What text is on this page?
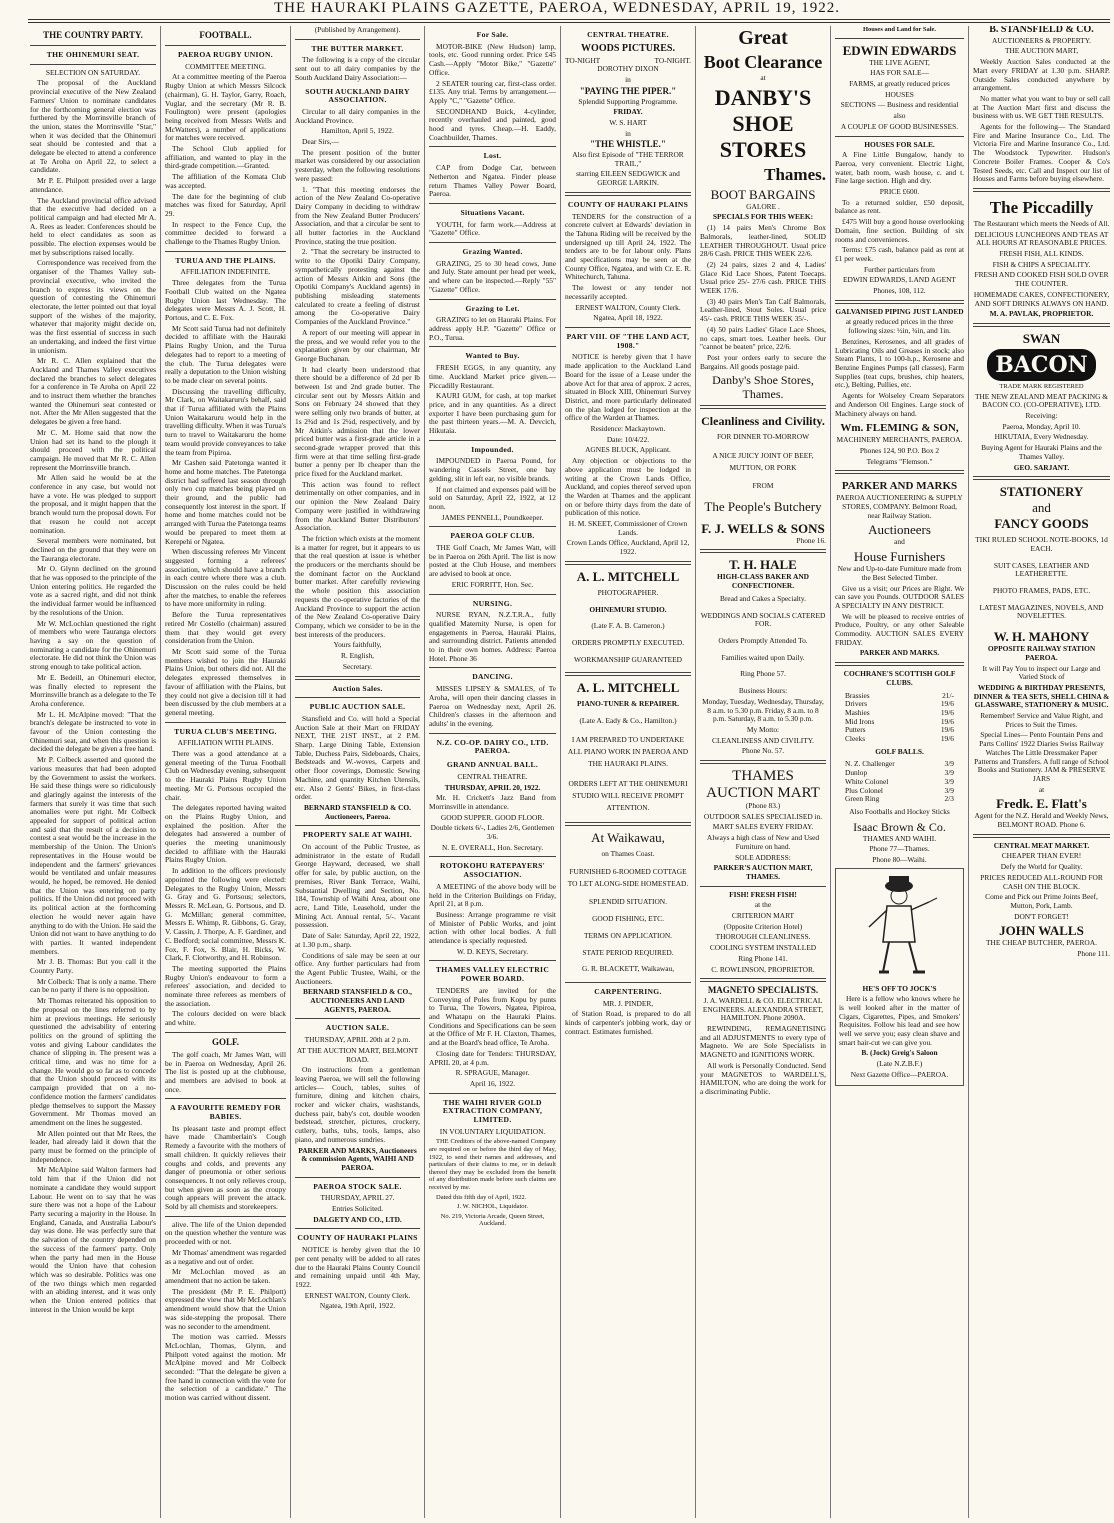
THE HAURAKI PLAINS GAZETTE, PAEROA, WEDNESDAY, APRIL 19, 1922.
THE COUNTRY PARTY.
THE OHINEMURI SEAT.
SELECTION ON SATURDAY.

The proposal of the Auckland provincial executive of the New Zealand Farmers' Union to nominate candidates for the forthcoming general election was furthered by the Morrinsville branch of the union, states the Morrinsville "Star," when it was decided that the Ohinemuri seat should be contested and that a delegate be elected to attend a conference at Te Aroha on April 22, to select a candidate.

Mr P. E. Philpott presided over a large attendance.

The Auckland provincial office advised that the executive had decided on a political campaign and had elected Mr A. A. Rees as leader. Conferences should be held to elect candidates as soon as possible. The election expenses would be met by subscriptions raised locally.

Correspondence was received from the organiser of the Thames Valley sub-provincial executive, who invited the branch to express its views on the question of contesting the Ohinemuri electorate, the letter pointed out that loyal support of the wishes of the majority, whatever that majority might decide on, was the first essential of success in such an undertaking, and indeed the first virtue in unionism.

Mr R. C. Allen explained that the Auckland and Thames Valley executives declared the branches to select delegates for a conference in Te Aroha on April 22 and to instruct them whether the branches wanted the Ohinemuri seat contested or not. After the Mr Allen suggested that the delegates be given a free hand.

Mr C. M. Home said that now the Union had set its hand to the plough it should proceed with the political campaign. He moved that Mr R. C. Allen represent the Morrinsville branch.

Mr Allen said he would be at the conference in any case, but would not have a vote. He was pledged to support the proposal, and it might happen that the branch would turn the proposal down. For that reason he could not accept nomination.

Several members were nominated, but declined on the ground that they were on the Tauranga electorate.

Mr O. Glynn declined on the ground that he was opposed to the principle of the Union entering politics. He regarded the vote as a sacred right, and did not think the individual farmer would be influenced by the resolutions of the Union.

Mr W. McLochlan questioned the right of members who were Tauranga electors having a say on the question of nominating a candidate for the Ohinemuri electorate. He did not think the Union was strong enough to take political action.

Mr E. Bedeill, an Ohinemuri elector, was finally elected to represent the Morrinsville branch as a delegate to the Te Aroha conference.

Mr L. H. McAlpine moved: "That the branch's delegate be instructed to vote in favour of the Union contesting the Ohinemuri seat, and when this question is decided the delegate be given a free hand.

Mr P. Colbeck asserted and quoted the various measures that had been adopted by the Government to assist the workers. He said these things were so ridiculously and glaringly against the interests of the farmers that surely it was time that such anomalies were put right. Mr Colbeck appealed for support of political action and said that the result of a decision to contest a seat would be the increase in the membership of the Union. The Union's representatives in the House would be independent and the farmers' grievances would be ventilated and unfair measures would, he hoped, be removed. He denied that the Union was entering on party politics. If the Union did not proceed with its political action at the forthcoming election he would never again have anything to do with the Union. He said the Union did not want to have anything to do with parties. It wanted independent members.

Mr J. B. Thomas: But you call it the Country Party.

Mr Colbeck: That is only a name. There can be no party if there is no opposition.

Mr Thomas reiterated his opposition to the proposal on the lines referred to by him at previous meetings. He seriously questioned the advisability of entering politics on the ground of splitting the votes and giving Labour candidates the chance of slipping in. The present was a critical time, and was no time for a change. He would go so far as to concede that the Union should proceed with its campaign provided that on a no-confidence motion the farmers' candidates pledge themselves to support the Massey Government. Mr Thomas moved an amendment on the lines he suggested.

Mr Allen pointed out that Mr Rees, the leader, had already laid it down that the party must be formed on the principle of independence.

Mr McAlpine said Walton farmers had told him that if the Union did not nominate a candidate they would support Labour. He went on to say that he was sure there was not a hope of the Labour Party securing a majority in the House. In England, Canada, and Australia Labour's day was done. He was perfectly sure that the salvation of the country depended on the success of the farmers' party. Only when the party had men in the House would the Union have that cohesion which was so desirable. Politics was one of the two things which men regarded with an abiding interest, and it was only when the Union entered politics that interest in the Union would be kept

FOOTBALL.
PAEROA RUGBY UNION.
COMMITTEE MEETING.

At a committee meeting of the Paeroa Rugby Union at which Messrs Silcock (chairman), G. H. Taylor, Garry, Roach, Vuglar, and the secretary (Mr R. B. Foulington) were present (apologies being received from Messrs Wells and McWatters), a number of applications for matches were received.

The School Club applied for affiliation, and wanted to play in the third-grade competition.—Granted.

The affiliation of the Komata Club was accepted.

The date for the beginning of club matches was fixed for Saturday, April 29.

In respect to the Fence Cup, the committee decided to forward a challenge to the Thames Rugby Union.

TURUA AND THE PLAINS.
AFFILIATION INDEFINITE.

Three delegates from the Turua Football Club waited on the Ngatea Rugby Union last Wednesday. The delegates were Messrs A. J. Scott, H. Portous, and C. E. Fox.

Mr Scott said Turua had not definitely decided to affiliate with the Hauraki Plains Rugby Union, and the Turua delegates had to report to a meeting of the club. The Turua delegates were really a deputation to the Union wishing to be made clear on several points.

Discussing the travelling difficulty, Mr Clark, on Waitakaruru's behalf, said that if Turua affiliated with the Plains Union Waitakaruru would help in the travelling difficulty. When it was Turua's turn to travel to Waitakaruru the home team would provide conveyances to take the team from Pipiroa.

Mr Cashen said Patetonga wanted it home and home matches. The Patetonga district had suffered last season through only two cup matches being played on their ground, and the public had consequently lost interest in the sport. If home and home matches could not be arranged with Turua the Patetonga teams would be prepared to meet them at Kerepehi or Ngatea.

When discussing referees Mr Vincent suggested forming a referees' association, which should have a branch in each centre where there was a club. Discussion on the rules could be held after the matches, to enable the referees to have more uniformity in ruling.

Before the Turua representatives retired Mr Costello (chairman) assured them that they would get every consideration from the Union.

Mr Scott said some of the Turua members wished to join the Hauraki Plains Union, but others did not. All the delegates expressed themselves in favour of affiliation with the Plains, but they could not give a decision till it had been discussed by the club members at a general meeting.

TURUA CLUB'S MEETING.
AFFILIATION WITH PLAINS.

There was a good attendance at a general meeting of the Turua Football Club on Wednesday evening, subsequent to the Hauraki Plains Rugby Union meeting. Mr G. Portsous occupied the chair.

The delegates reported having waited on the Plains Rugby Union, and explained the position. After the delegates had answered a number of queries the meeting unanimously decided to affiliate with the Hauraki Plains Rugby Union.

In addition to the officers previously appointed the following were elected: Delegates to the Rugby Union, Messrs G. Gray and G. Portsous; selectors, Messrs R. McLean, G. Portsous, and D. G. McMillan; general committee, Messrs E. Whimp, R. Gibbons, G. Gray, V. Cassin, J. Thorpe, A. F. Gardiner, and C. Bedford; social committee, Messrs K. Fox, F. Fox, S. Blair, H. Bicks, W. Clark, F. Clotworthy, and H. Robinson.

The meeting supported the Plains Rugby Union's endeavour to form a referees' association, and decided to nominate three referees as members of the association.

The colours decided on were black and white.

GOLF.

The golf coach, Mr James Watt, will be in Paeroa on Wednesday, April 26. The list is posted up at the clubhouse, and members are advised to book at once.

A FAVOURITE REMEDY FOR BABIES.

Its pleasant taste and prompt effect have made Chamberlain's Cough Remedy a favourite with the mothers of small children. It quickly relieves their coughs and colds, and prevents any danger of pneumonia or other serious consequences. It not only relieves croup, but when given as soon as the croupy cough appears will prevent the attack. Sold by all chemists and storekeepers.

alive. The life of the Union depended on the question whether the venture was proceeded with or not.

Mr Thomas' amendment was regarded as a negative and out of order.

Mr McLochlan moved as an amendment that no action be taken.

The president (Mr P. E. Philpott) expressed the view that Mr McLochlan's amendment would show that the Union was side-stepping the proposal. There was no seconder to the amendment.

The motion was carried. Messrs McLochlan, Thomas, Glynn, and Philpott voted against the motion. Mr McAlpine moved and Mr Colbeck seconded: "That the delegate be given a free hand in connection with the vote for the selection of a candidate." The motion was carried without dissent.

(Published by Arrangement).
THE BUTTER MARKET.

The following is a copy of the circular sent out to all dairy companies by the South Auckland Dairy Association:—

SOUTH AUCKLAND DAIRY ASSOCIATION.

Circular to all dairy companies in the Auckland Province.

Hamilton, April 5, 1922.

Dear Sirs,—

The present position of the butter market was considered by our association yesterday, when the following resolutions were passed:

1. "That this meeting endorses the action of the New Zealand Co-operative Dairy Company in deciding to withdraw from the New Zealand Butter Producers' Association, and that a circular be sent to all butter factories in the Auckland Province, stating the true position.

2. "That the secretary be instructed to write to the Opotiki Dairy Company, sympathetically protesting against the action of Messrs Aitkin and Sons (the Opotiki Company's Auckland agents) in publishing misleading statements calculated to create a feeling of distrust among the Co-operative Dairy Companies of the Auckland Province."

A report of our meeting will appear in the press, and we would refer you to the explanation given by our chairman, Mr George Buchanan.

It had clearly been understood that there should be a difference of 2d per lb between 1st and 2nd grade butter. The circular sent out by Messrs Aitkin and Sons on February 24 showed that they were selling only two brands of butter, at 1s 2¾d and 1s 2¼d, respectively, and by Mr Aitkin's admission that the lower priced butter was a first-grade article in a second-grade wrapper proved that this firm were at that time selling first-grade butter a penny per lb cheaper than the price fixed for the Auckland market.

This action was found to reflect detrimentally on other companies, and in our opinion the New Zealand Dairy Company were justified in withdrawing from the Auckland Butter Distributors' Association.

The friction which exists at the moment is a matter for regret, but it appears to us that the real question at issue is whether the producers or the merchants should be the dominant factor on the Auckland butter market. After carefully reviewing the whole position this association requests the co-operative factories of the Auckland Province to support the action of the New Zealand Co-operative Dairy Company, which we consider to be in the best interests of the producers.

Yours faithfully,
R. English,
Secretary.
Auction Sales.
PUBLIC AUCTION SALE.

Stansfield and Co. will hold a Special Auction Sale at their Mart on FRIDAY NEXT, THE 21ST INST., at 2 P.M. Sharp. Large Dining Table, Extension Table, Duchess Pairs, Sideboards, Chairs, Bedsteads and W.-woves, Carpets and other floor coverings, Domestic Sewing Machine, and quantity Kitchen Utensils, etc. Also 2 Gents' Bikes, in first-class order.

BERNARD STANSFIELD & CO. Auctioneers, Paeroa.
PROPERTY SALE AT WAIHI.

On account of the Public Trustee, as administrator in the estate of Rudall George Hayward, deceased, we shall offer for sale, by public auction, on the premises, River Bank Terrace, Waihi, Substantial Dwelling and Section, No. 184, Township of Waihi Area, about one acre, Land Title, Leasehold, under the Mining Act. Annual rental, 5/-. Vacant possession.

Date of Sale: Saturday, April 22, 1922, at 1.30 p.m., sharp.

Conditions of sale may be seen at our office. Any further particulars had from the Agent Public Trustee, Waihi, or the Auctioneers.

BERNARD STANSFIELD & CO., AUCTIONEERS AND LAND AGENTS, PAEROA.
AUCTION SALE.
THURSDAY, APRIL 20th at 2 p.m.
AT THE AUCTION MART, BELMONT ROAD.

On instructions from a gentleman leaving Paeroa, we will sell the following articles— Couch, tables, suites of furniture, dining and kitchen chairs, rocker and wicker chairs, washstands, duchess pair, baby's cot, double wooden bedstead, stretcher, pictures, crockery, cutlery, baths, tubs, tools, lamps, also piano, and numerous sundries.

PARKER AND MARKS, Auctioneers & commission Agents, WAIHI AND PAEROA.
PAEROA STOCK SALE.
THURSDAY, APRIL 27.
Entries Solicited.
DALGETY AND CO., LTD.
COUNTY OF HAURAKI PLAINS

NOTICE is hereby given that the 10 per cent penalty will be added to all rates due to the Hauraki Plains County Council and remaining unpaid until 4th May, 1922.

ERNEST WALTON, County Clerk.
Ngatea, 19th April, 1922.
For Sale.

MOTOR-BIKE (New Hudson) lamp, tools, etc. Good running order. Price £45 Cash.—Apply "Motor Bike," "Gazette" Office.

2 SEATER touring car, first-class order. £135. Any trial. Terms by arrangement.—Apply "C," "Gazette" Office.

SECONDHAND Buick, 4-cylinder, recently overhauled and painted, good hood and tyres. Cheap.—H. Eaddy, Coachbuilder, Thames.

Lost.

CAP from Dodge Car, between Netherton and Ngatea. Finder please return Thames Valley Power Board, Paeroa.

Situations Vacant.

YOUTH, for farm work.—Address at "Gazette" Office.

Grazing Wanted.

GRAZING, 25 to 30 head cows, June and July. State amount per head per week, and where can be inspected.—Reply "55" "Gazette" Office.

Grazing to Let.

GRAZING to let on Hauraki Plains. For address apply H.P. "Gazette" Office or P.O., Turua.

Wanted to Buy.

FRESH EGGS, in any quantity, any time. Auckland Market price given.—Piccadilly Restaurant.

KAURI GUM, for cash, at top market price, and in any quantities. As a direct exporter I have been purchasing gum for the past thirteen years.—M. A. Devcich, Hikutaia.

Impounded.

IMPOUNDED in Paeroa Pound, for wandering Cassels Street, one bay gelding, slit in left ear, no visible brands.

If not claimed and expenses paid will be sold on Saturday, April 22, 1922, at 12 noon.

JAMES PENNELL, Poundkeeper.
PAEROA GOLF CLUB.

THE Golf Coach, Mr James Watt, will be in Paeroa on 26th April. The list is now posted at the Club House, and members are advised to book at once.

ERIC FORRITT, Hon. Sec.
NURSING.

NURSE RYAN, N.Z.T.R.A., fully qualified Maternity Nurse, is open for engagements in Paeroa, Hauraki Plains, and surrounding district. Patients attended to in their own homes. Address: Paeroa Hotel. Phone 36

DANCING.

MISSES LIPSEY & SMALES, of Te Aroha, will open their dancing classes in Paeroa on Wednesday next, April 26. Children's classes in the afternoon and adults' in the evening.

N.Z. CO-OP. DAIRY CO., LTD. PAEROA.
GRAND ANNUAL BALL.
CENTRAL THEATRE.
THURSDAY, APRIL 20, 1922.

Mr. H. Crickett's Jazz Band from Morrinsville in attendance.

GOOD SUPPER. GOOD FLOOR.
Double tickets 6/-, Ladies 2/6, Gentlemen 3/6.
N. E. OVERALL, Hon. Secretary.
ROTOKOHU RATEPAYERS' ASSOCIATION.

A MEETING of the above body will be held in the Criterion Buildings on Friday, April 21, at 8 p.m.

Business: Arrange programme re visit of Minister of Public Works, and joint action with other local bodies. A full attendance is specially requested.

W. D. KEYS, Secretary.
THAMES VALLEY ELECTRIC POWER BOARD.

TENDERS are invited for the Conveying of Poles from Kopu by punts to Turua, The Towers, Ngatea, Pipiroa, and Whatapu on the Hauraki Plains. Conditions and Specifications can be seen at the Office of Mr F. H. Claxton, Thames, and at the Board's head office, Te Aroha.

Closing date for Tenders: THURSDAY, APRIL 20, at 4 p.m.

R. SPRAGUE, Manager.
April 16, 1922.
THE WAIHI RIVER GOLD EXTRACTION COMPANY, LIMITED.
IN VOLUNTARY LIQUIDATION.

THE Creditors of the above-named Company are required on or before the third day of May, 1922, to send their names and addresses, and particulars of their claims to me, or in default thereof they may be excluded from the benefit of any distribution made before such claims are received by me.

Dated this fifth day of April, 1922.

J. W. NICHOL, Liquidator.
No. 219, Victoria Arcade, Queen Street, Auckland.
CENTRAL THEATRE.
WOODS PICTURES.
TO-NIGHT	TO-NIGHT.
DOROTHY DIXON
in
"PAYING THE PIPER."
Splendid Supporting Programme.
FRIDAY.
W. S. HART
in
"THE WHISTLE."
Also first Episode of "THE TERROR TRAIL,"
starring EILEEN SEDGWICK and GEORGE LARKIN.
COUNTY OF HAURAKI PLAINS

TENDERS for the construction of a concrete culvert at Edwards' deviation in the Tahuna Riding will be received by the undersigned up till April 24, 1922. The tenders are to be for labour only. Plans and specifications may be seen at the County Office, Ngatea, and with Cr. E. R. Whitechurch, Tahuna.

The lowest or any tender not necessarily accepted.

ERNEST WALTON, County Clerk.
Ngatea, April 18, 1922.
PART VIII. OF "THE LAND ACT, 1908."

NOTICE is hereby given that I have made application to the Auckland Land Board for the issue of a Lease under the above Act for that area of approx. 2 acres, situated in Block XIII, Ohinemuri Survey District, and more particularly delineated on the plan lodged for inspection at the office of the Warden at Thames.

Residence: Mackaytown.
Date: 10/4/22.
AGNES BLUCK, Applicant.

Any objection or objections to the above application must be lodged in writing at the Crown Lands Office, Auckland, and copies thereof served upon the Warden at Thames and the applicant on or before thirty days from the date of publication of this notice.

H. M. SKEET, Commissioner of Crown Lands.
Crown Lands Office, Auckland, April 12, 1922.
A. L. MITCHELL
PHOTOGRAPHER.
OHINEMURI STUDIO.
(Late F. A. B. Cameron.)
ORDERS PROMPTLY EXECUTED.
WORKMANSHIP GUARANTEED
A. L. MITCHELL
PIANO-TUNER & REPAIRER.
(Late A. Eady & Co., Hamilton.)
I AM PREPARED TO UNDERTAKE ALL PIANO WORK IN PAEROA AND THE HAURAKI PLAINS.
ORDERS LEFT AT THE OHINEMURI STUDIO WILL RECEIVE PROMPT ATTENTION.
At Waikawau,
on Thames Coast.
FURNISHED 6-ROOMED COTTAGE TO LET ALONG-SIDE HOMESTEAD.
SPLENDID SITUATION.
GOOD FISHING, ETC.
TERMS ON APPLICATION.
STATE PERIOD REQUIRED.
G. R. BLACKETT, Waikawau,
CARPENTERING.
MR. J. PINDER,

of Station Road, is prepared to do all kinds of carpenter's jobbing work, day or contract. Estimates furnished.

Great
Boot Clearance
at
DANBY'S
SHOE
STORES
Thames.
BOOT BARGAINS
GALORE .
SPECIALS FOR THIS WEEK:

(1) 14 pairs Men's Chrome Box Balmorals, leather-lined, SOLID LEATHER THROUGHOUT. Usual price 28/6 Cash. PRICE THIS WEEK 22/6.

(2) 24 pairs, sizes 2 and 4, Ladies' Glace Kid Lace Shoes, Patent Toecaps. Usual price 25/- 27/6 cash. PRICE THIS WEEK 17/6.

(3) 40 pairs Men's Tan Calf Balmorals, Leather-lined, Stout Soles. Usual price 45/- cash. PRICE THIS WEEK 35/-.

(4) 50 pairs Ladies' Glace Lace Shoes, no caps, smart toes. Leather heels. Our "cannot be beaten" price, 22/6.

Post your orders early to secure the Bargains. All goods postage paid.

Danby's Shoe Stores, Thames.
Cleanliness and Civility.
FOR DINNER TO-MORROW
A NICE JUICY JOINT OF BEEF, MUTTON, OR PORK
FROM
The People's Butchery
F. J. WELLS & SONS
Phone 16.
T. H. HALE
HIGH-CLASS BAKER AND CONFECTIONER.
Bread and Cakes a Specialty.
WEDDINGS AND SOCIALS CATERED FOR.
Orders Promptly Attended To.
Families waited upon Daily.
Ring Phone 57.
Business Hours:
Monday, Tuesday, Wednesday, Thursday, 8 a.m. to 5.30 p.m. Friday, 8 a.m. to 8 p.m. Saturday, 8 a.m. to 5.30 p.m.
My Motto:
CLEANLINESS AND CIVILITY.
Phone No. 57.
THAMES
AUCTION MART
(Phone 83.)
OUTDOOR SALES SPECIALISED in.
MART SALES EVERY FRIDAY.
Always a high class of New and Used Furniture on hand.
SOLE ADDRESS:
PARKER'S AUCTION MART, THAMES.
FISH! FRESH FISH!
at the
CRITERION MART
(Opposite Criterion Hotel)
THOROUGH CLEANLINESS.
COOLING SYSTEM INSTALLED
Ring Phone 141.
C. ROWLINSON, PROPRIETOR.
MAGNETO SPECIALISTS.
J. A. WARDELL & CO. ELECTRICAL ENGINEERS. ALEXANDRA STREET, HAMILTON. Phone 2090A.

REWINDING, REMAGNETISING and all ADJUSTMENTS to every type of Magneto. We are Sole Specialists in MAGNETO and IGNITIONS WORK.

All work is Personally Conducted. Send your MAGNETOS to WARDELL'S, HAMILTON, who are doing the work for a discriminating Public.

Houses and Land for Sale.
EDWIN EDWARDS
THE LIVE AGENT,
HAS FOR SALE—
FARMS, at greatly reduced prices
HOUSES
SECTIONS — Business and residential
also
A COUPLE OF GOOD BUSINESSES.
HOUSES FOR SALE.

A Fine Little Bungalow, handy to Paeroa, very convenient. Electric Light, water, bath room, wash house, c. and t. Fine large section. High and dry.

PRICE £600.

To a returned soldier, £50 deposit, balance as rent.

£475 Will buy a good house overlooking Domain, fine section. Building of six rooms and conveniences.

Terms: £75 cash, balance paid as rent at £1 per week.

Further particulars from
EDWIN EDWARDS, LAND AGENT
Phones, 108, 112.
GALVANISED PIPING JUST LANDED
at greatly reduced prices in the three following sizes: ½in, ¾in, and 1in.

Benzines, Kerosenes, and all grades of Lubricating Oils and Greases in stock; also Steam Plants, 1 to 100-h.p., Kerosene and Benzine Engines Pumps (all classes), Farm Supplies (teat cups, brushes, chip heaters, etc.), Belting, Pullies, etc.

Agents for Wolseley Cream Separators and Anderson Oil Engines. Large stock of Machinery always on hand.

Wm. FLEMING & SON,
MACHINERY MERCHANTS, PAEROA.
Phones 124, 90 P.O. Box 2
Telegrams "Flemson."
PARKER AND MARKS
PAEROA AUCTIONEERING & SUPPLY STORES, COMPANY. Belmont Road, near Railway Station.
Auctioneers
and
House Furnishers
New and Up-to-date Furniture made from the Best Selected Timber.

Give us a visit; our Prices are Right. We can save you Pounds. OUTDOOR SALES A SPECIALTY IN ANY DISTRICT.

We will be pleased to receive entries of Produce, Poultry, or any other Saleable Commodity. AUCTION SALES EVERY FRIDAY.

PARKER AND MARKS.
COCHRANE'S SCOTTISH GOLF CLUBS.
Brassies	21/-
Drivers	19/6
Mashies	19/6
Mid Irons	19/6
Putters	19/6
Cleeks	19/6
GOLF BALLS.
N. Z. Challenger	3/9
Dunlop	3/9
White Colonel	3/9
Plus Colonel	3/9
Green Ring	2/3
Also Footballs and Hockey Sticks
Isaac Brown & Co.
THAMES AND WAIHI.
Phone 77—Thames.
Phone 80—Waihi.
HE'S OFF TO JOCK'S

Here is a fellow who knows where he is well looked after in the matter of Cigars, Cigarettes, Pipes, and Smokers' Requisites. Follow his lead and see how well we serve you; easy clean shave and smart hair-cut we can give you.

B. (Jock) Greig's Saloon
(Late N.Z.B.F.)
Next Gazette Office—PAEROA.
B. STANSFIELD & CO.
AUCTIONEERS & PROPERTY.
THE AUCTION MART,

Weekly Auction Sales conducted at the Mart every FRIDAY at 1.30 p.m. SHARP. Outside Sales conducted anywhere by arrangement.

No matter what you want to buy or sell call at The Auction Mart first and discuss the business with us. WE GET THE RESULTS.

Agents for the following— The Standard Fire and Marine Insurance Co., Ltd. The Victoria Fire and Marine Insurance Co., Ltd. The Woodstock Typewriter. Hudson's Concrete Boiler Frames. Cooper & Co's Tested Seeds, etc. Call and Inspect our list of Houses and Farms before buying elsewhere.

The Piccadilly
The Restaurant which meets the Needs of All.
DELICIOUS LUNCHEONS AND TEAS AT ALL HOURS AT REASONABLE PRICES.
FRESH FISH, ALL KINDS.
FISH & CHIPS A SPECIALITY.
FRESH AND COOKED FISH SOLD OVER THE COUNTER.
HOMEMADE CAKES, CONFECTIONERY, AND SOFT DRINKS ALWAYS ON HAND.
M. A. PAVLAK, PROPRIETOR.
SWAN
BACON
TRADE MARK REGISTERED
THE NEW ZEALAND MEAT PACKING & BACON CO. (CO-OPERATIVE), LTD.
Receiving:
Paeroa, Monday, April 10.
HIKUTAIA, Every Wednesday.
Buying Agent for Hauraki Plains and the Thames Valley.
GEO. SARJANT.
STATIONERY
and
FANCY GOODS
TIKI RULED SCHOOL NOTE-BOOKS, 1d EACH.
SUIT CASES, LEATHER AND LEATHERETTE.
PHOTO FRAMES, PADS, ETC.
LATEST MAGAZINES, NOVELS, AND NOVELETTES.
W. H. MAHONY
OPPOSITE RAILWAY STATION PAEROA.
It will Pay You to inspect our Large and Varied Stock of
WEDDING & BIRTHDAY PRESENTS, DINNER & TEA SETS, SHELL CHINA & GLASSWARE, STATIONERY & MUSIC.
Remember! Service and Value Right, and Prices to Suit the Times.
Special Lines— Pento Fountain Pens and Parts Collins' 1922 Diaries Swiss Railway Watches The Little Dressmaker Paper Patterns and Transfers. A full range of School Books and Stationery. JAM & PRESERVE JARS
at
Fredk. E. Flatt's
Agent for the N.Z. Herald and Weekly News, BELMONT ROAD. Phone 6.
CENTRAL MEAT MARKET.
CHEAPER THAN EVER!
Defy the World for Quality.
PRICES REDUCED ALL-ROUND FOR CASH ON THE BLOCK.
Come and Pick out Prime Joints Beef, Mutton, Pork, Lamb.
DON'T FORGET!
JOHN WALLS
THE CHEAP BUTCHER, PAEROA.
Phone 111.
